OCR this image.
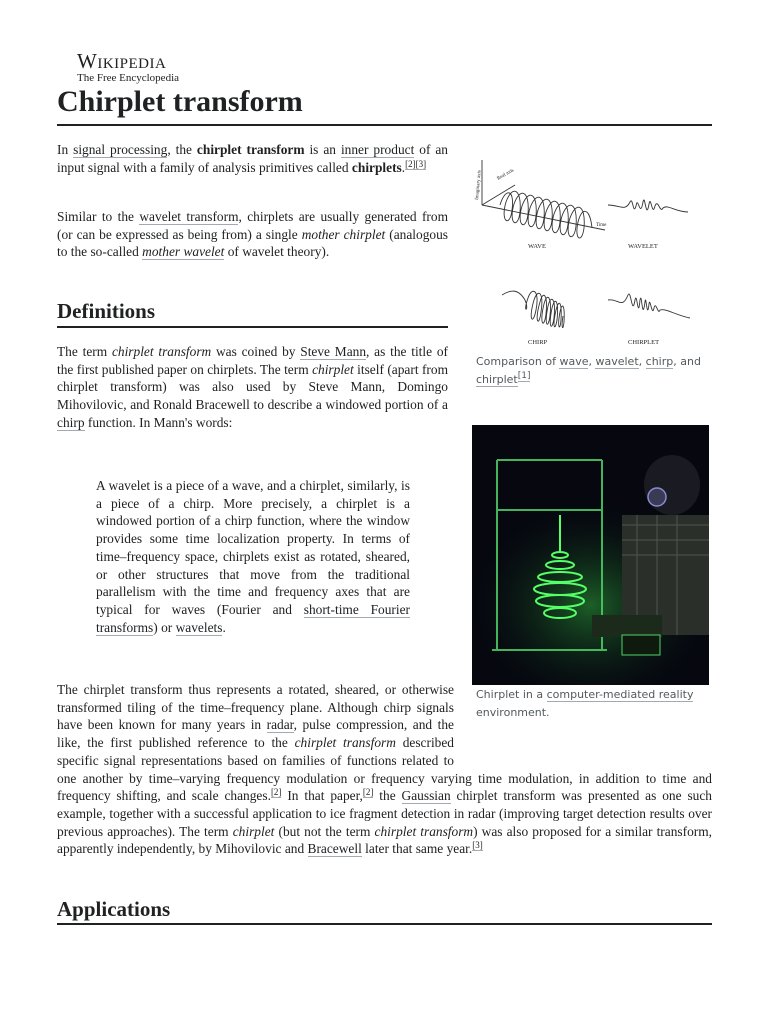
Wikipedia
The Free Encyclopedia
Chirplet transform

In signal processing, the chirplet transform is an inner product of an input signal with a family of analysis primitives called chirplets.[2][3]

Similar to the wavelet transform, chirplets are usually generated from (or can be expressed as being from) a single mother chirplet (analogous to the so-called mother wavelet of wavelet theory).

Definitions

The term chirplet transform was coined by Steve Mann, as the title of the first published paper on chirplets. The term chirplet itself (apart from chirplet transform) was also used by Steve Mann, Domingo Mihovilovic, and Ronald Bracewell to describe a windowed portion of a chirp function. In Mann's words:

A wavelet is a piece of a wave, and a chirplet, similarly, is a piece of a chirp. More precisely, a chirplet is a windowed portion of a chirp function, where the window provides some time localization property. In terms of time–frequency space, chirplets exist as rotated, sheared, or other structures that move from the traditional parallelism with the time and frequency axes that are typical for waves (Fourier and short-time Fourier transforms) or wavelets.
WAVE	WAVELET
CHIRP	CHIRPLET
Real axis
Imaginary axis
Time
Comparison of wave, wavelet, chirp, and chirplet[1]
Chirplet in a computer-mediated reality environment.
The chirplet transform thus represents a rotated, sheared, or otherwise transformed tiling of the time–frequency plane. Although chirp signals have been known for many years in radar, pulse compression, and the like, the first published reference to the chirplet transform described specific signal representations based on families of functions related to one another by time–varying frequency modulation or frequency varying time modulation, in addition to time and frequency shifting, and scale changes.[2] In that paper,[2] the Gaussian chirplet transform was presented as one such example, together with a successful application to ice fragment detection in radar (improving target detection results over previous approaches). The term chirplet (but not the term chirplet transform) was also proposed for a similar transform, apparently independently, by Mihovilovic and Bracewell later that same year.[3]
Applications
